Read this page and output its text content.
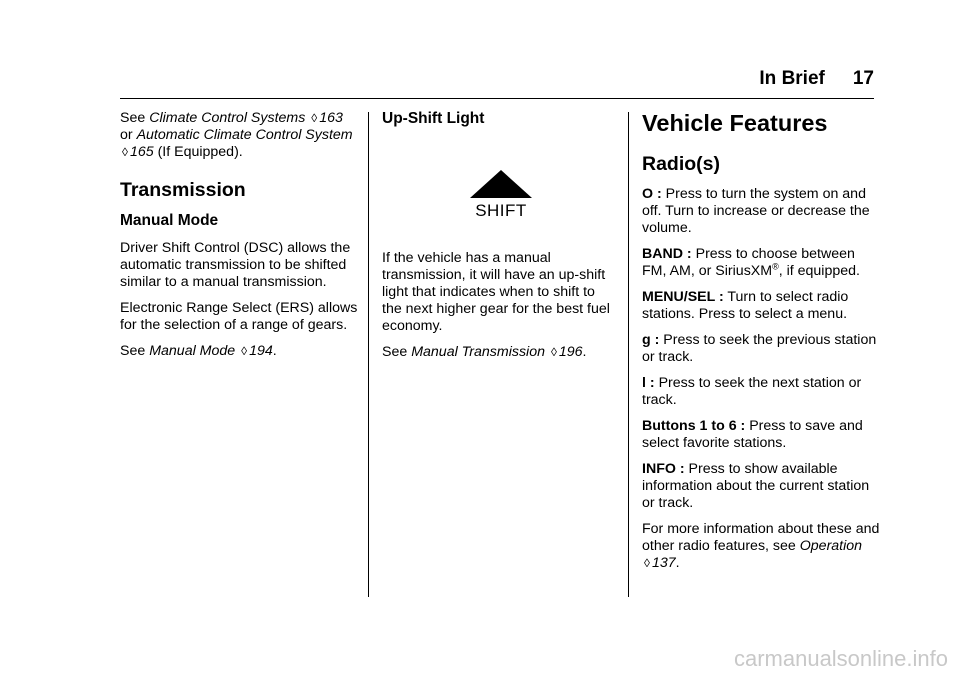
In Brief 17

See Climate Control Systems ◊ 163 or Automatic Climate Control System ◊ 165 (If Equipped).

Transmission
Manual Mode

Driver Shift Control (DSC) allows the automatic transmission to be shifted similar to a manual transmission.

Electronic Range Select (ERS) allows for the selection of a range of gears.

See Manual Mode ◊ 194.

Up-Shift Light
SHIFT

If the vehicle has a manual transmission, it will have an up-shift light that indicates when to shift to the next higher gear for the best fuel economy.

See Manual Transmission ◊ 196.

Vehicle Features
Radio(s)

O : Press to turn the system on and off. Turn to increase or decrease the volume.

BAND : Press to choose between FM, AM, or SiriusXM®, if equipped.

MENU/SEL : Turn to select radio stations. Press to select a menu.

g : Press to seek the previous station or track.

l : Press to seek the next station or track.

Buttons 1 to 6 : Press to save and select favorite stations.

INFO : Press to show available information about the current station or track.

For more information about these and other radio features, see Operation ◊ 137.

carmanualsonline.info
